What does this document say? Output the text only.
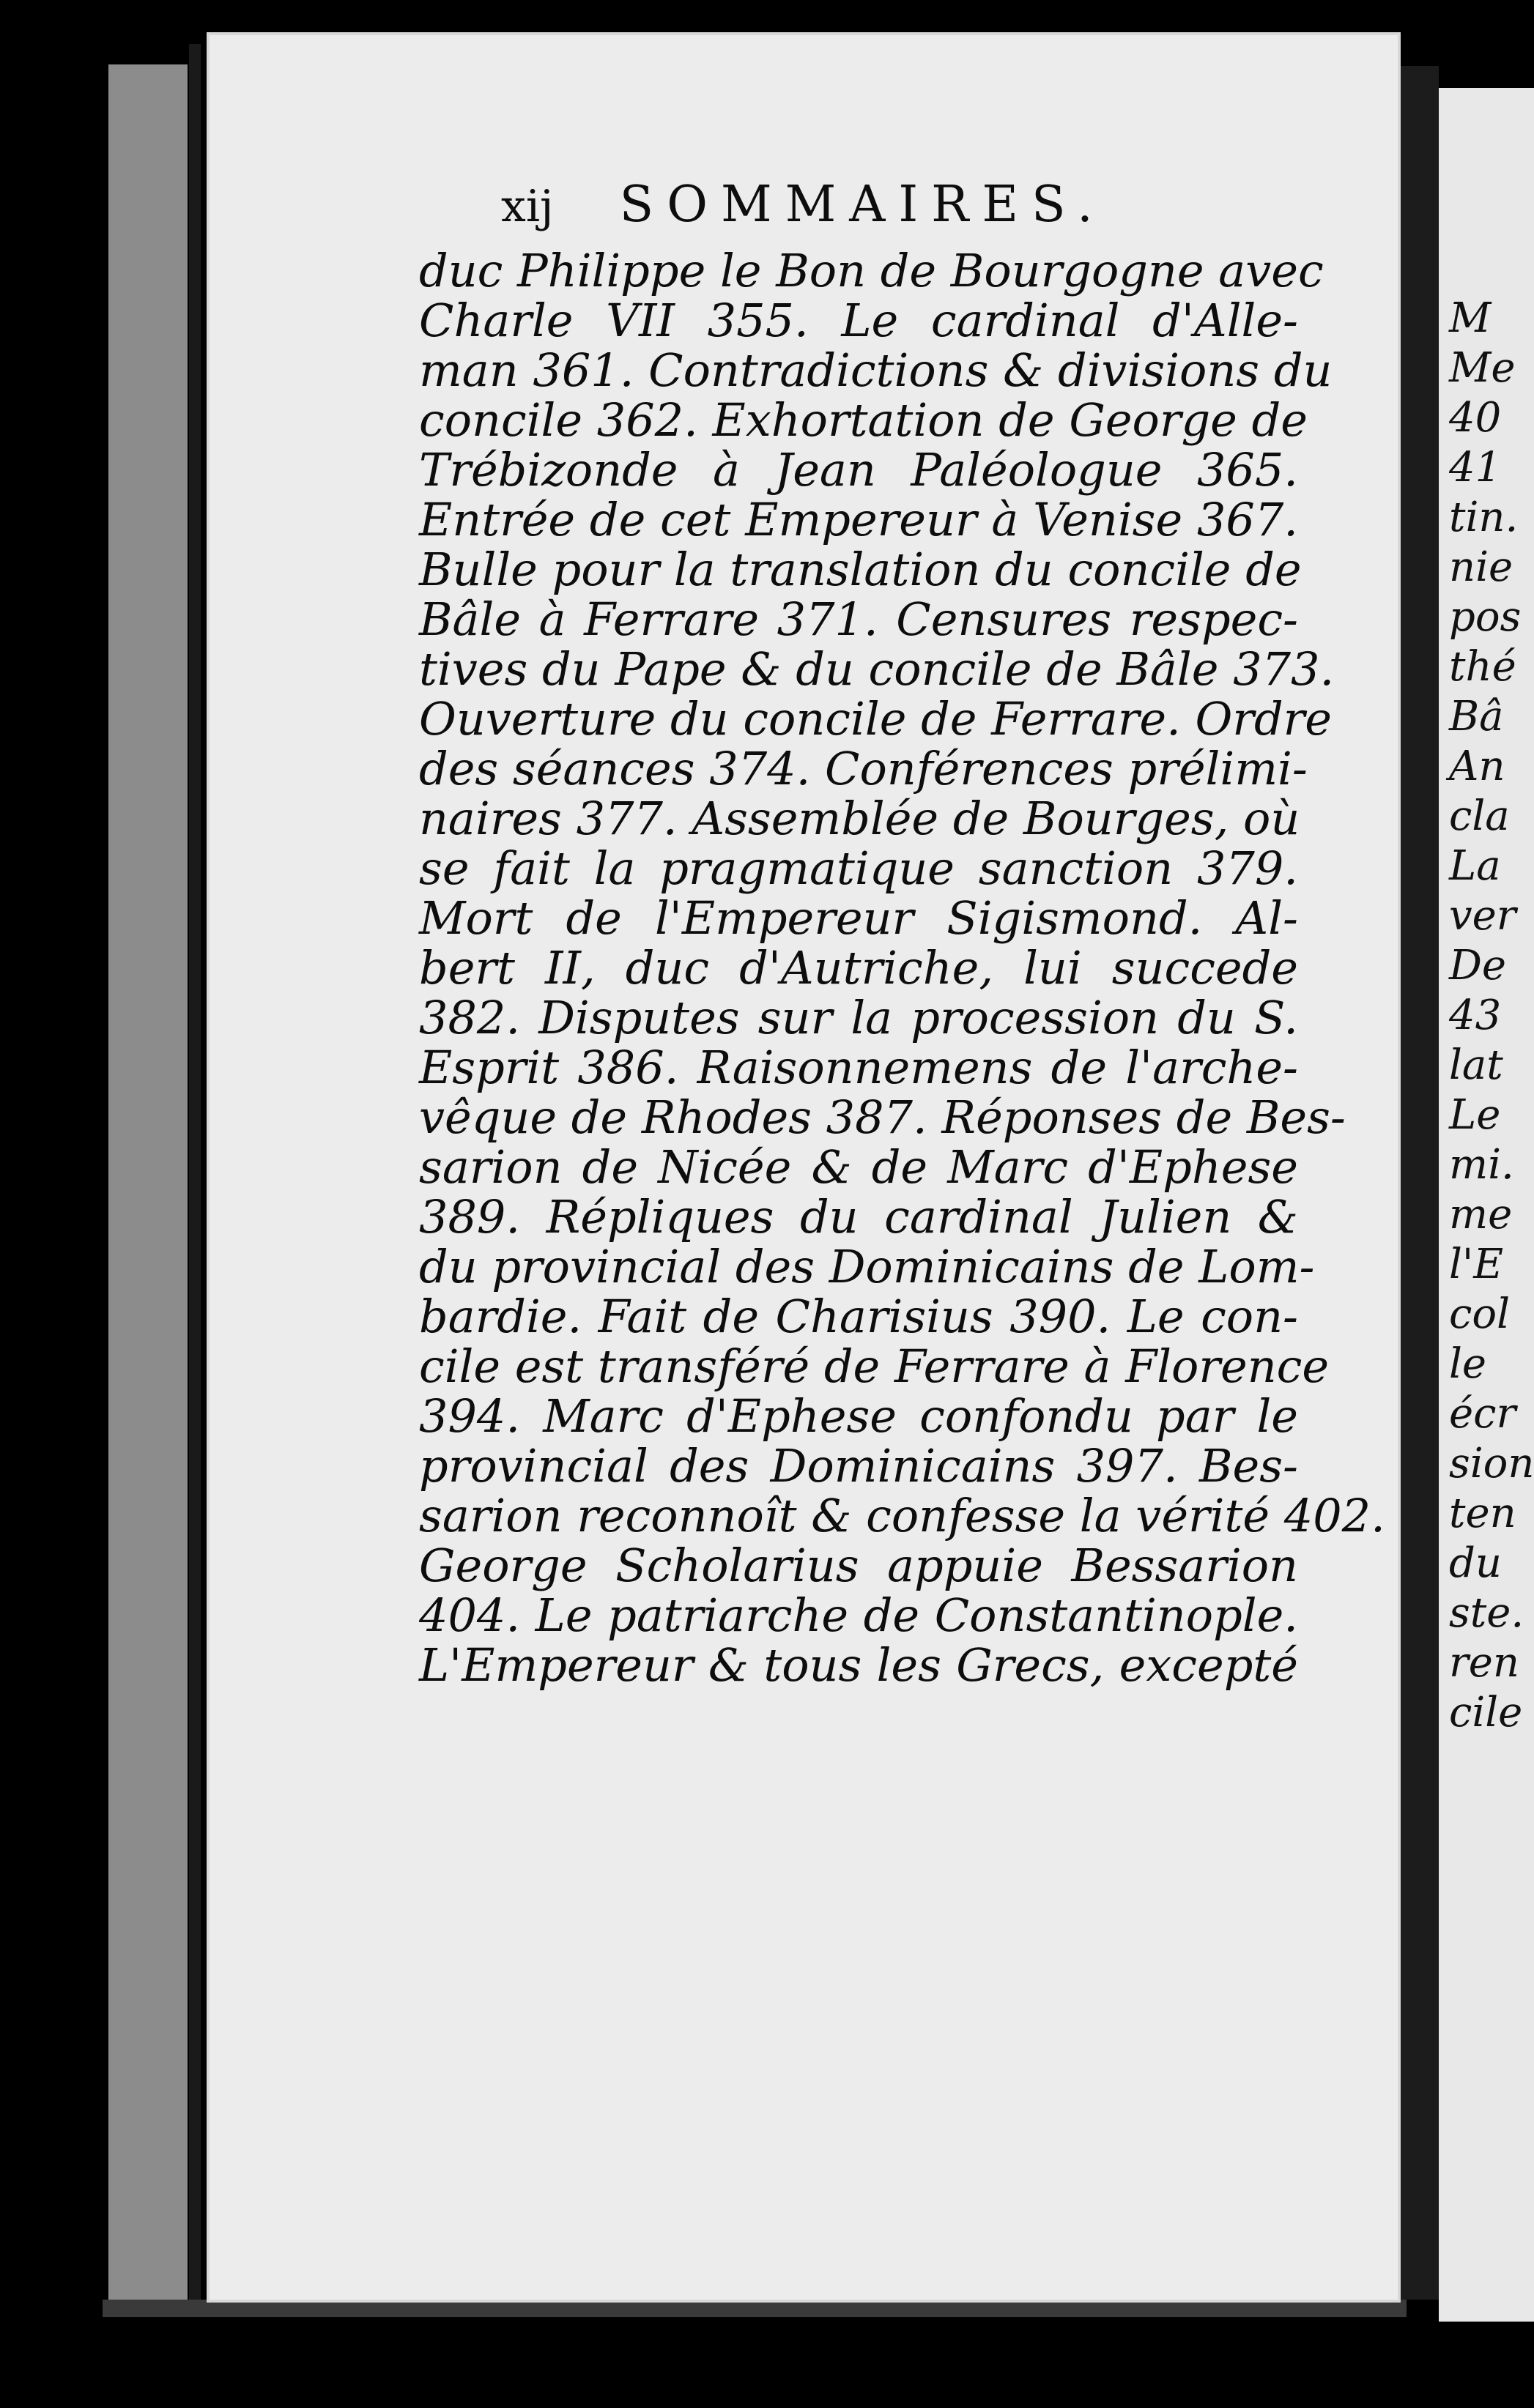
xij SOMMAIRES.
duc Philippe le Bon de Bourgogne avec
Charle VII 355. Le cardinal d'Alle-
man 361. Contradictions & divisions du
concile 362. Exhortation de George de
Trébizonde à Jean Paléologue 365.
Entrée de cet Empereur à Venise 367.
Bulle pour la translation du concile de
Bâle à Ferrare 371. Censures respec-
tives du Pape & du concile de Bâle 373.
Ouverture du concile de Ferrare. Ordre
des séances 374. Conférences prélimi-
naires 377. Assemblée de Bourges, où
se fait la pragmatique sanction 379.
Mort de l'Empereur Sigismond. Al-
bert II, duc d'Autriche, lui succede
382. Disputes sur la procession du S.
Esprit 386. Raisonnemens de l'arche-
vêque de Rhodes 387. Réponses de Bes-
sarion de Nicée & de Marc d'Ephese
389. Répliques du cardinal Julien &
du provincial des Dominicains de Lom-
bardie. Fait de Charisius 390. Le con-
cile est transféré de Ferrare à Florence
394. Marc d'Ephese confondu par le
provincial des Dominicains 397. Bes-
sarion reconnoît & confesse la vérité 402.
George Scholarius appuie Bessarion
404. Le patriarche de Constantinople.
L'Empereur & tous les Grecs, excepté
M
Me
40
41
tin.
nie
pos
thé
Bâ
An
cla
La
ver
De
43
lat
Le
mi.
me
l'E
col
le
écr
sion
ten
du
ste.
ren
cile
